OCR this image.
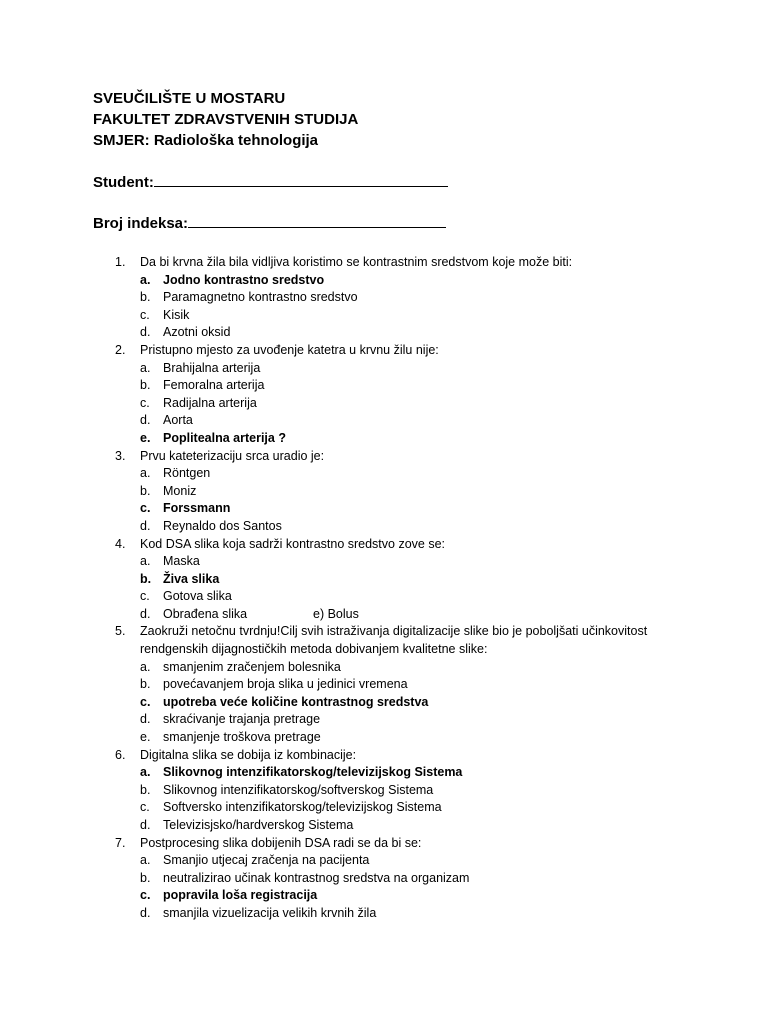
SVEUČILIŠTE U MOSTARU
FAKULTET ZDRAVSTVENIH STUDIJA
SMJER: Radiološka tehnologija
Student:
Broj indeksa:
1. Da bi krvna žila bila vidljiva koristimo se kontrastnim sredstvom koje može biti:
a. Jodno kontrastno sredstvo
b. Paramagnetno kontrastno sredstvo
c. Kisik
d. Azotni oksid
2. Pristupno mjesto za uvođenje katetra u krvnu žilu nije:
a. Brahijalna arterija
b. Femoralna arterija
c. Radijalna arterija
d. Aorta
e. Poplitealna arterija ?
3. Prvu kateterizaciju srca uradio je:
a. Röntgen
b. Moniz
c. Forssmann
d. Reynaldo dos Santos
4. Kod DSA slika koja sadrži kontrastno sredstvo zove se:
a. Maska
b. Živa slika
c. Gotova slika
d. Obrađena slika	e) Bolus
5. Zaokruži netočnu tvrdnju!Cilj svih istraživanja digitalizacije slike bio je poboljšati učinkovitost
rendgenskih dijagnostičkih metoda dobivanjem kvalitetne slike:
a. smanjenim zračenjem bolesnika
b. povećavanjem broja slika u jedinici vremena
c. upotreba veće količine kontrastnog sredstva
d. skraćivanje trajanja pretrage
e. smanjenje troškova pretrage
6. Digitalna slika se dobija iz kombinacije:
a. Slikovnog intenzifikatorskog/televizijskog Sistema
b. Slikovnog intenzifikatorskog/softverskog Sistema
c. Softversko intenzifikatorskog/televizijskog Sistema
d. Televizisjsko/hardverskog Sistema
7. Postprocesing slika dobijenih DSA radi se da bi se:
a. Smanjio utjecaj zračenja na pacijenta
b. neutralizirao učinak kontrastnog sredstva na organizam
c. popravila loša registracija
d. smanjila vizuelizacija velikih krvnih žila
